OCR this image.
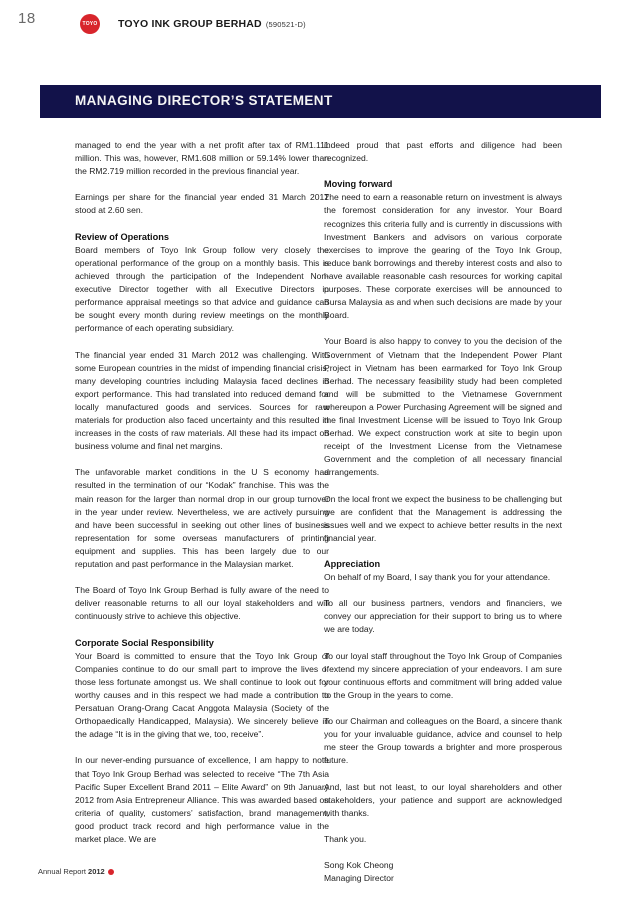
18	TOYO TOYO INK GROUP BERHAD (590521-D)
MANAGING DIRECTOR’S STATEMENT

managed to end the year with a net profit after tax of RM1.111 million. This was, however, RM1.608 million or 59.14% lower than the RM2.719 million recorded in the previous financial year.

Earnings per share for the financial year ended 31 March 2012 stood at 2.60 sen.

Review of Operations

Board members of Toyo Ink Group follow very closely the operational performance of the group on a monthly basis. This is achieved through the participation of the Independent Non-executive Director together with all Executive Directors in performance appraisal meetings so that advice and guidance can be sought every month during review meetings on the monthly performance of each operating subsidiary.

The financial year ended 31 March 2012 was challenging. With some European countries in the midst of impending financial crisis, many developing countries including Malaysia faced declines in export performance. This had translated into reduced demand for locally manufactured goods and services. Sources for raw materials for production also faced uncertainty and this resulted in increases in the costs of raw materials. All these had its impact on business volume and final net margins.

The unfavorable market conditions in the U S economy had resulted in the termination of our “Kodak” franchise. This was the main reason for the larger than normal drop in our group turnover in the year under review. Nevertheless, we are actively pursuing and have been successful in seeking out other lines of business representation for some overseas manufacturers of printing equipment and supplies. This has been largely due to our reputation and past performance in the Malaysian market.

The Board of Toyo Ink Group Berhad is fully aware of the need to deliver reasonable returns to all our loyal stakeholders and will continuously strive to achieve this objective.

Corporate Social Responsibility

Your Board is committed to ensure that the Toyo Ink Group of Companies continue to do our small part to improve the lives of those less fortunate amongst us. We shall continue to look out for worthy causes and in this respect we had made a contribution to Persatuan Orang-Orang Cacat Anggota Malaysia (Society of the Orthopaedically Handicapped, Malaysia). We sincerely believe in the adage “It is in the giving that we, too, receive”.

In our never-ending pursuance of excellence, I am happy to note that Toyo Ink Group Berhad was selected to receive “The 7th Asia Pacific Super Excellent Brand 2011 – Elite Award” on 9th January 2012 from Asia Entrepreneur Alliance. This was awarded based on criteria of quality, customers’ satisfaction, brand management, good product track record and high performance value in the market place. We are

indeed proud that past efforts and diligence had been recognized.

Moving forward

The need to earn a reasonable return on investment is always the foremost consideration for any investor. Your Board recognizes this criteria fully and is currently in discussions with Investment Bankers and advisors on various corporate exercises to improve the gearing of the Toyo Ink Group, reduce bank borrowings and thereby interest costs and also to have available reasonable cash resources for working capital purposes. These corporate exercises will be announced to Bursa Malaysia as and when such decisions are made by your Board.

Your Board is also happy to convey to you the decision of the Government of Vietnam that the Independent Power Plant Project in Vietnam has been earmarked for Toyo Ink Group Berhad. The necessary feasibility study had been completed and will be submitted to the Vietnamese Government whereupon a Power Purchasing Agreement will be signed and the final Investment License will be issued to Toyo Ink Group Berhad. We expect construction work at site to begin upon receipt of the Investment License from the Vietnamese Government and the completion of all necessary financial arrangements.

On the local front we expect the business to be challenging but we are confident that the Management is addressing the issues well and we expect to achieve better results in the next financial year.

Appreciation

On behalf of my Board, I say thank you for your attendance.

To all our business partners, vendors and financiers, we convey our appreciation for their support to bring us to where we are today.

To our loyal staff throughout the Toyo Ink Group of Companies I extend my sincere appreciation of your endeavors. I am sure your continuous efforts and commitment will bring added value to the Group in the years to come.

To our Chairman and colleagues on the Board, a sincere thank you for your invaluable guidance, advice and counsel to help me steer the Group towards a brighter and more prosperous future.

And, last but not least, to our loyal shareholders and other stakeholders, your patience and support are acknowledged with thanks.

Thank you.

Song Kok Cheong
Managing Director

Annual Report 2012
